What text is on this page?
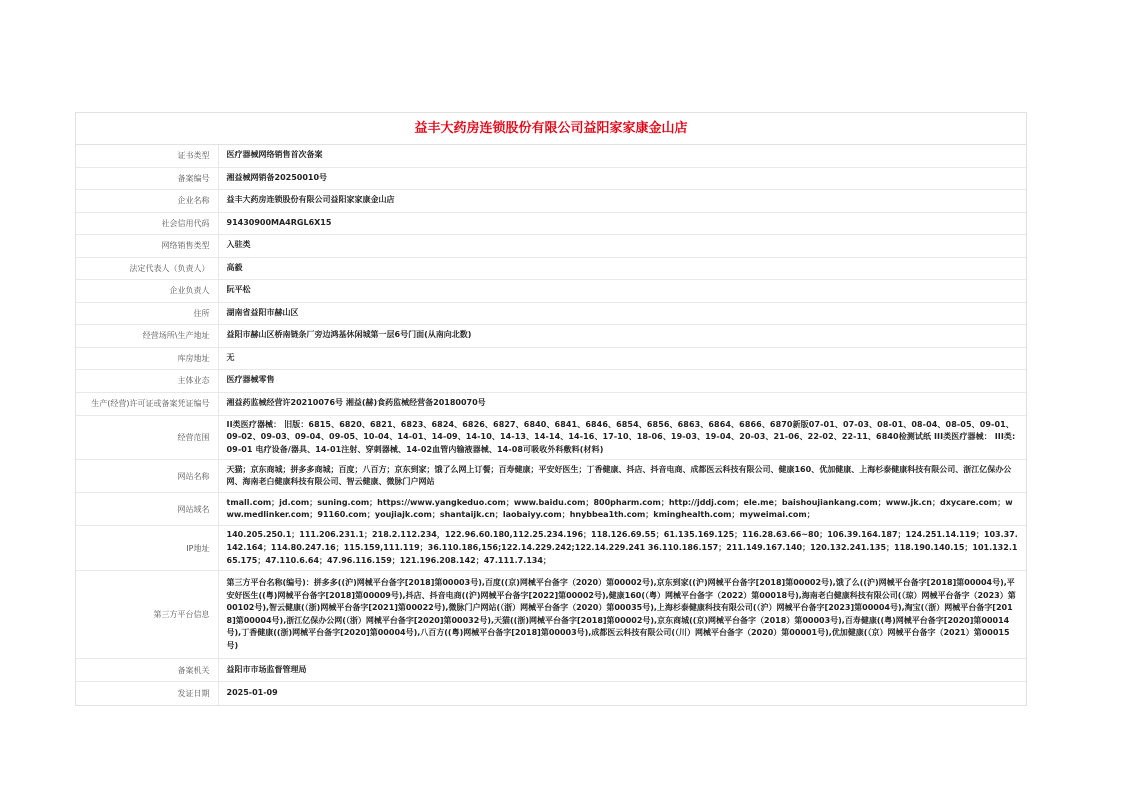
益丰大药房连锁股份有限公司益阳家家康金山店
证书类型	医疗器械网络销售首次备案
备案编号	湘益械网销备20250010号
企业名称	益丰大药房连锁股份有限公司益阳家家康金山店
社会信用代码	91430900MA4RGL6X15
网络销售类型	入驻类
法定代表人（负责人）	高毅
企业负责人	阮平松
住所	湖南省益阳市赫山区
经营场所\生产地址	益阳市赫山区桥南链条厂旁边鸿基休闲城第一层6号门面(从南向北数)
库房地址	无
主体业态	医疗器械零售
生产(经营)许可证或备案凭证编号	湘益药监械经营许20210076号 湘益(赫)食药监械经营备20180070号
经营范围	II类医疗器械： 旧版：6815、6820、6821、6823、6824、6826、6827、6840、6841、6846、6854、6856、6863、6864、6866、6870新版07-01、07-03、08-01、08-04、08-05、09-01、09-02、09-03、09-04、09-05、10-04、14-01、14-09、14-10、14-13、14-14、14-16、17-10、18-06、19-03、19-04、20-03、21-06、22-02、22-11、6840检测试纸 III类医疗器械： III类:09-01 电疗设备/器具、14-01注射、穿刺器械、14-02血管内输液器械、14-08可吸收外科敷料(材料)
网站名称	天猫；京东商城；拼多多商城；百度；八百方；京东到家；饿了么网上订餐；百寿健康；平安好医生；丁香健康、抖店、抖音电商、成都医云科技有限公司、健康160、优加健康、上海杉泰健康科技有限公司、浙江亿保办公网、海南老白健康科技有限公司、智云健康、微脉门户网站
网站域名	tmall.com；jd.com；suning.com；https://www.yangkeduo.com；www.baidu.com；800pharm.com；http://jddj.com；ele.me；baishoujiankang.com；www.jk.cn；dxycare.com；www.medlinker.com；91160.com；youjiajk.com；shantaijk.cn；laobaiyy.com；hnybbea1th.com；kminghealth.com；myweimai.com；
IP地址	140.205.250.1；111.206.231.1；218.2.112.234，122.96.60.180,112.25.234.196；118.126.69.55；61.135.169.125；116.28.63.66~80；106.39.164.187；124.251.14.119；103.37.142.164；114.80.247.16；115.159,111.119；36.110.186,156;122.14.229.242;122.14.229.241 36.110.186.157；211.149.167.140；120.132.241.135；118.190.140.15；101.132.165.175；47.110.6.64；47.96.116.159；121.196.208.142；47.111.7.134；
第三方平台信息	第三方平台名称(编号)：拼多多((沪)网械平台备字[2018]第00003号),百度((京)网械平台备字（2020）第00002号),京东到家((沪)网械平台备字[2018]第00002号),饿了么((沪)网械平台备字[2018]第00004号),平安好医生((粤)网械平台备字[2018]第00009号),抖店、抖音电商((沪)网械平台备字[2022]第00002号),健康160(（粤）网械平台备字（2022）第00018号),海南老白健康科技有限公司(（琼）网械平台备字（2023）第00102号),智云健康(（浙)网械平台备字[2021]第00022号),微脉门户网站(（浙）网械平台备字（2020）第00035号),上海杉泰健康科技有限公司(（沪）网械平台备字[2023]第00004号),淘宝(（浙）网械平台备字[2018]第00004号),浙江亿保办公网(（浙）网械平台备字[2020]第00032号),天猫((浙)网械平台备字[2018]第00002号),京东商城((京)网械平台备字（2018）第00003号),百寿健康((粤)网械平台备字[2020]第00014号),丁香健康((浙)网械平台备字[2020]第00004号),八百方((粤)网械平台备字[2018]第00003号),成都医云科技有限公司(（川）网械平台备字（2020）第00001号),优加健康(（京）网械平台备字（2021）第00015号)
备案机关	益阳市市场监督管理局
发证日期	2025-01-09
